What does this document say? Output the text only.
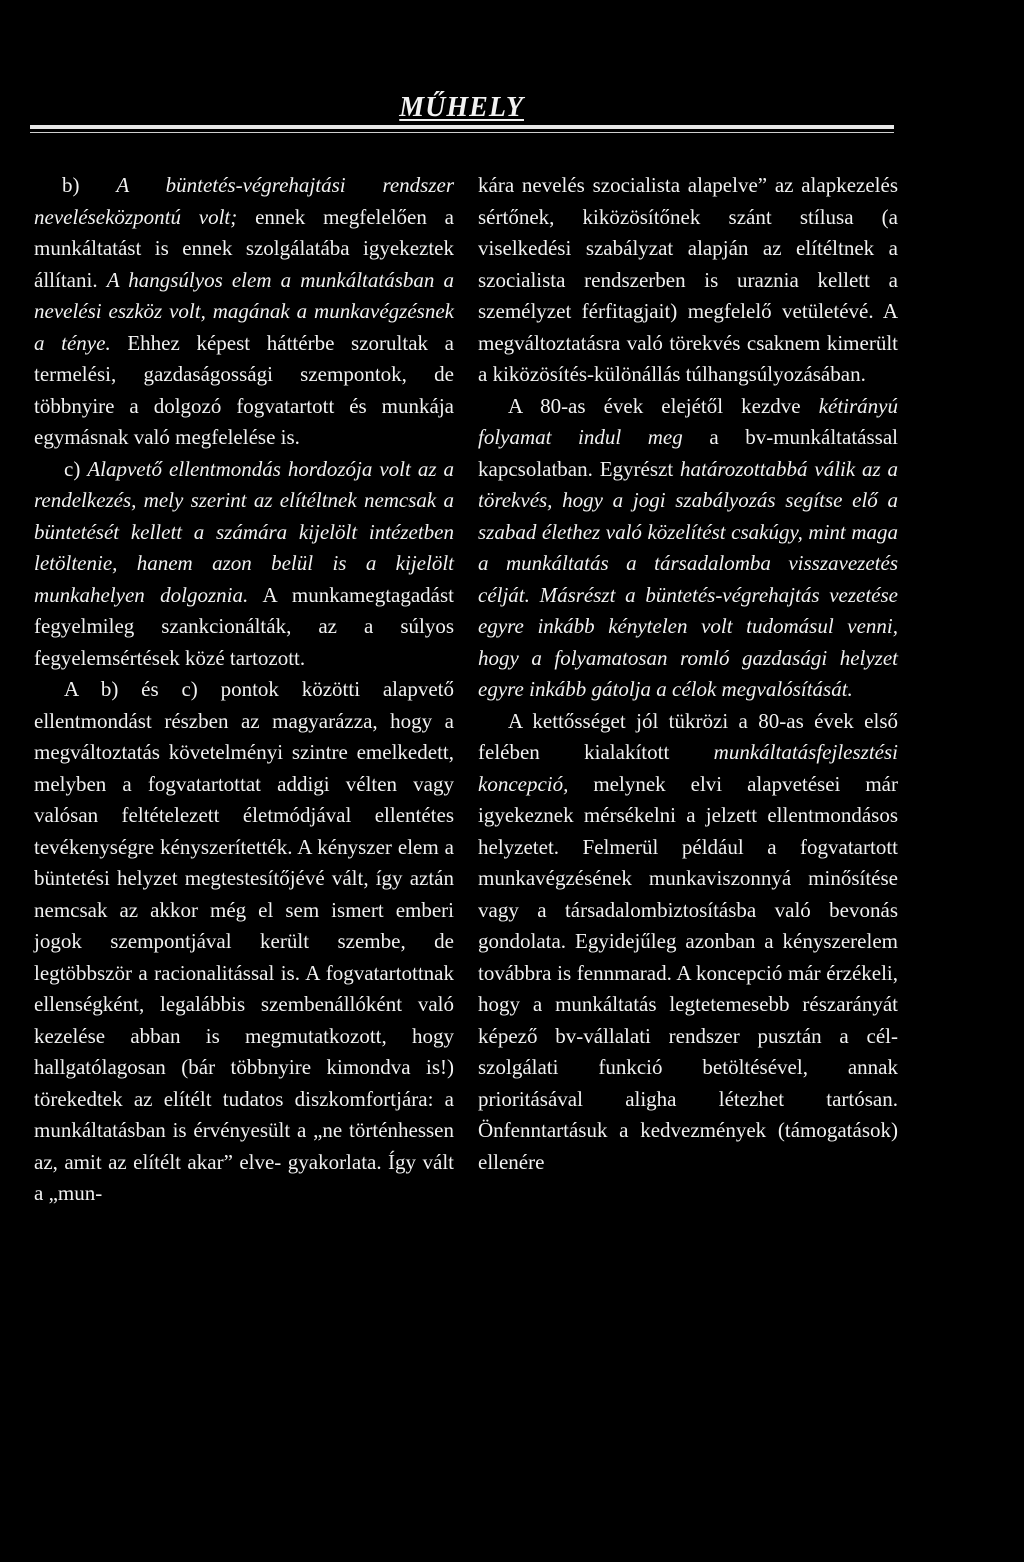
MŰHELY

b) A büntetés-végrehajtási rendszer neveléseközpontú volt; ennek megfelelően a munkáltatást is ennek szolgálatába igyekeztek állítani. A hangsúlyos elem a munkáltatásban a nevelési eszköz volt, magának a munkavégzésnek a ténye. Ehhez képest háttérbe szorultak a termelési, gazdaságossági szempontok, de többnyire a dolgozó fogvatartott és munkája egymásnak való megfelelése is.

c) Alapvető ellentmondás hordozója volt az a rendelkezés, mely szerint az elítéltnek nemcsak a büntetését kellett a számára kijelölt intézetben letöltenie, hanem azon belül is a kijelölt munkahelyen dolgoznia. A munkamegtagadást fegyelmileg szankcionálták, az a súlyos fegyelemsértések közé tartozott.

A b) és c) pontok közötti alapvető ellentmondást részben az magyarázza, hogy a megváltoztatás követelményi szintre emelkedett, melyben a fogvatartottat addigi vélten vagy valósan feltételezett életmódjával ellentétes tevékenységre kényszerítették. A kényszer elem a büntetési helyzet megtestesítőjévé vált, így aztán nemcsak az akkor még el sem ismert emberi jogok szempontjával került szembe, de legtöbbször a racionalitással is. A fogvatartottnak ellenségként, legalábbis szembenállóként való kezelése abban is megmutatkozott, hogy hallgatólagosan (bár többnyire kimondva is!) törekedtek az elítélt tudatos diszkomfortjára: a munkáltatásban is érvényesült a „ne történhessen az, amit az elítélt akar” elve- gyakorlata. Így vált a „mun-

kára nevelés szocialista alapelve” az alapkezelés sértőnek, kiközösítőnek szánt stílusa (a viselkedési szabályzat alapján az elítéltnek a szocialista rendszerben is uraznia kellett a személyzet férfitagjait) megfelelő vetületévé. A megváltoztatásra való törekvés csaknem kimerült a kiközösítés-különállás túlhangsúlyozásában.

A 80-as évek elejétől kezdve kétirányú folyamat indul meg a bv-munkáltatással kapcsolatban. Egyrészt határozottabbá válik az a törekvés, hogy a jogi szabályozás segítse elő a szabad élethez való közelítést csakúgy, mint maga a munkáltatás a társadalomba visszavezetés célját. Másrészt a büntetés-végrehajtás vezetése egyre inkább kénytelen volt tudomásul venni, hogy a folyamatosan romló gazdasági helyzet egyre inkább gátolja a célok megvalósítását.

A kettősséget jól tükrözi a 80-as évek első felében kialakított munkáltatásfejlesztési koncepció, melynek elvi alapvetései már igyekeznek mérsékelni a jelzett ellentmondásos helyzetet. Felmerül például a fogvatartott munkavégzésének munkaviszonnyá minősítése vagy a társadalombiztosításba való bevonás gondolata. Egyidejűleg azonban a kényszerelem továbbra is fennmarad. A koncepció már érzékeli, hogy a munkáltatás legtetemesebb részarányát képező bv-vállalati rendszer pusztán a cél-szolgálati funkció betöltésével, annak prioritásával aligha létezhet tartósan. Önfenntartásuk a kedvezmények (támogatások) ellenére
